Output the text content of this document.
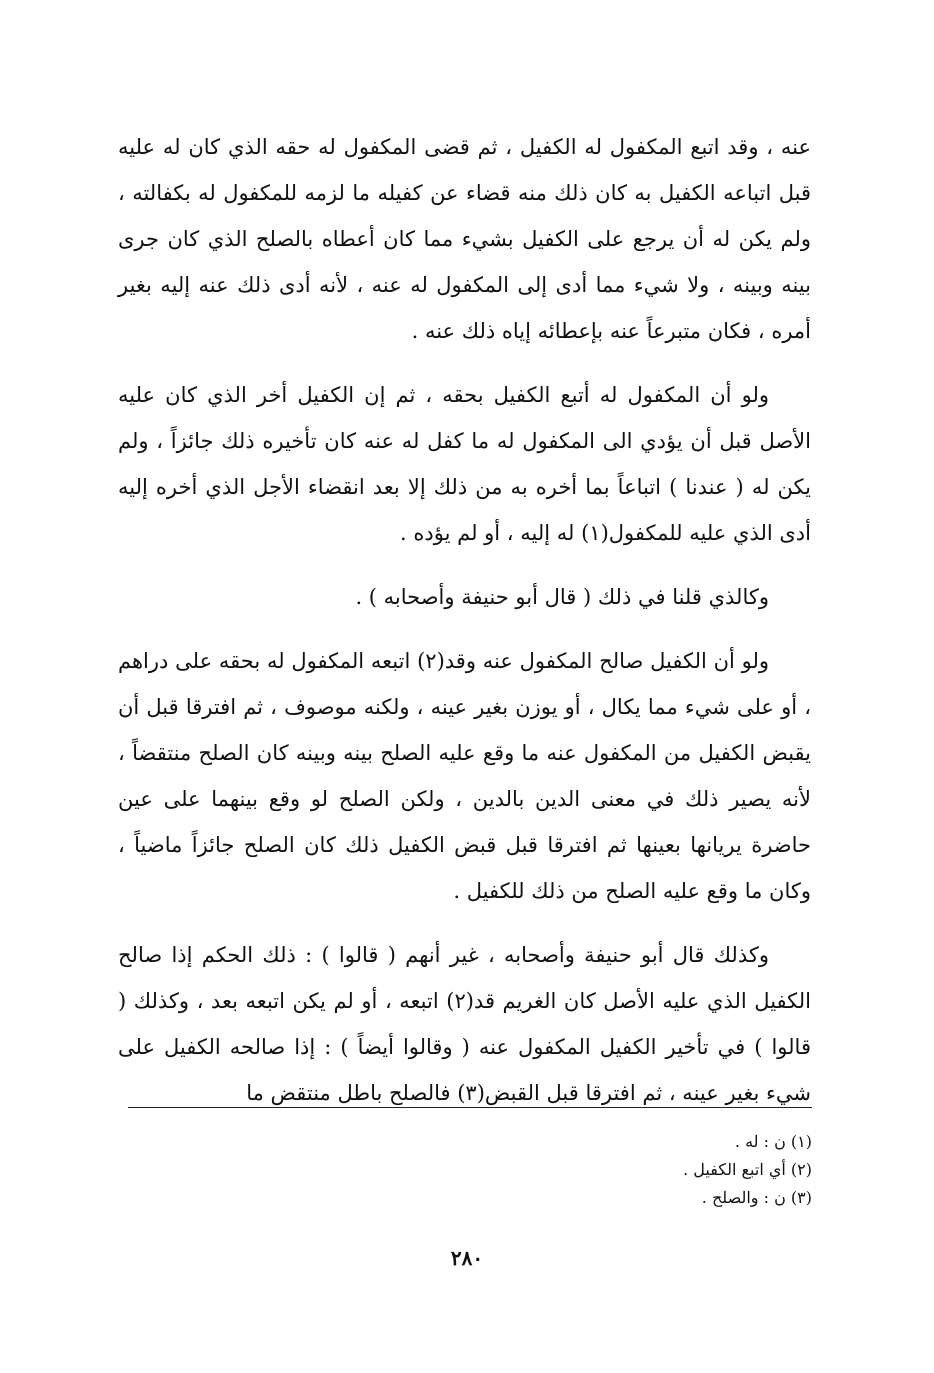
عنه ، وقد اتبع المكفول له الكفيل ، ثم قضى المكفول له حقه الذي كان له عليه قبل اتباعه الكفيل به كان ذلك منه قضاء عن كفيله ما لزمه للمكفول له بكفالته ، ولم يكن له أن يرجع على الكفيل بشيء مما كان أعطاه بالصلح الذي كان جرى بينه وبينه ، ولا شيء مما أدى إلى المكفول له عنه ، لأنه أدى ذلك عنه إليه بغير أمره ، فكان متبرعاً عنه بإعطائه إياه ذلك عنه .

ولو أن المكفول له أتبع الكفيل بحقه ، ثم إن الكفيل أخر الذي كان عليه الأصل قبل أن يؤدي الى المكفول له ما كفل له عنه كان تأخيره ذلك جائزاً ، ولم يكن له ( عندنا ) اتباعاً بما أخره به من ذلك إلا بعد انقضاء الأجل الذي أخره إليه أدى الذي عليه للمكفول(١) له إليه ، أو لم يؤده .

وكالذي قلنا في ذلك ( قال أبو حنيفة وأصحابه ) .

ولو أن الكفيل صالح المكفول عنه وقد(٢) اتبعه المكفول له بحقه على دراهم ، أو على شيء مما يكال ، أو يوزن بغير عينه ، ولكنه موصوف ، ثم افترقا قبل أن يقبض الكفيل من المكفول عنه ما وقع عليه الصلح بينه وبينه كان الصلح منتقضاً ، لأنه يصير ذلك في معنى الدين بالدين ، ولكن الصلح لو وقع بينهما على عين حاضرة يريانها بعينها ثم افترقا قبل قبض الكفيل ذلك كان الصلح جائزاً ماضياً ، وكان ما وقع عليه الصلح من ذلك للكفيل .

وكذلك قال أبو حنيفة وأصحابه ، غير أنهم ( قالوا ) : ذلك الحكم إذا صالح الكفيل الذي عليه الأصل كان الغريم قد(٢) اتبعه ، أو لم يكن اتبعه بعد ، وكذلك ( قالوا ) في تأخير الكفيل المكفول عنه ( وقالوا أيضاً ) : إذا صالحه الكفيل على شيء بغير عينه ، ثم افترقا قبل القبض(٣) فالصلح باطل منتقض ما

(١) ن : له .
(٢) أي اتبع الكفيل .
(٣) ن : والصلح .
٢٨٠
